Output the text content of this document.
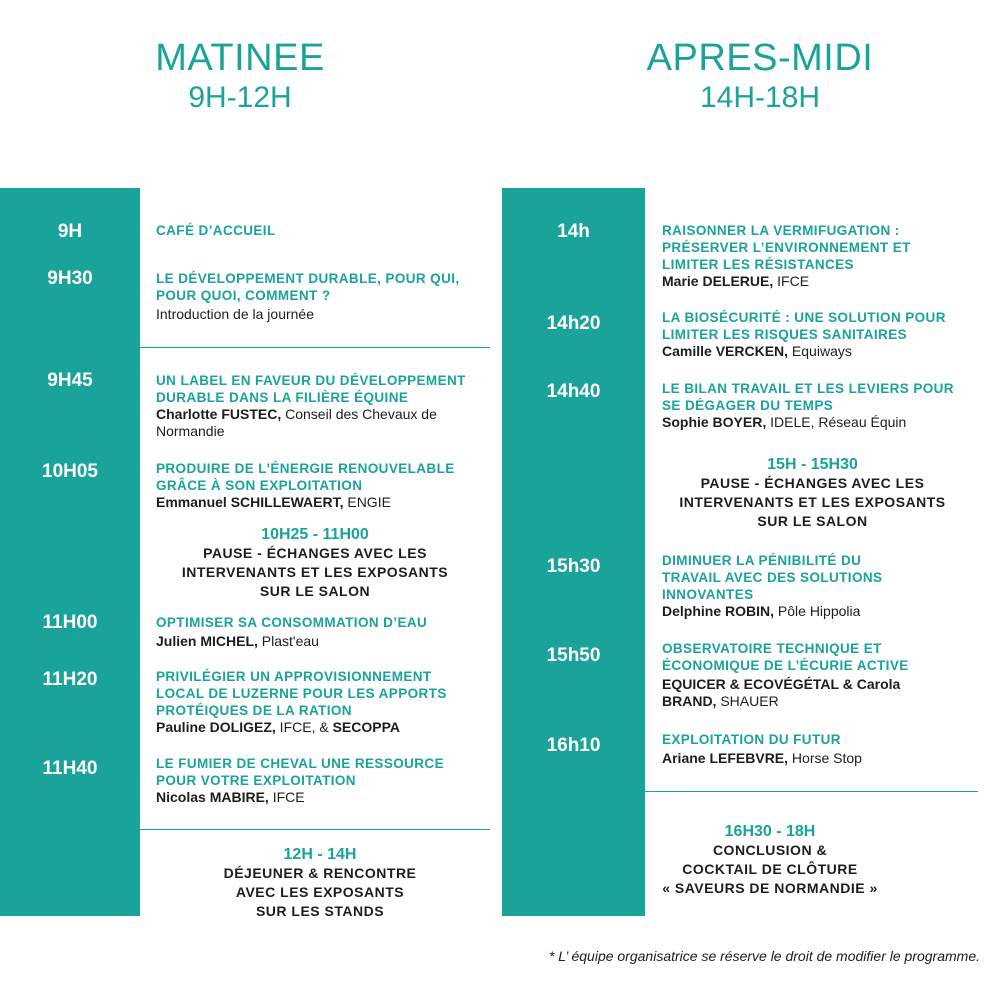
MATINEE
9H-12H
APRES-MIDI
14H-18H
9H	CAFÉ D’ACCUEIL
9H30	LE DÉVELOPPEMENT DURABLE, POUR QUI,
POUR QUOI, COMMENT ?
Introduction de la journée
9H45	UN LABEL EN FAVEUR DU DÉVELOPPEMENT
DURABLE DANS LA FILIÈRE ÉQUINE
Charlotte FUSTEC, Conseil des Chevaux de
Normandie
10H05	PRODUIRE DE L’ÉNERGIE RENOUVELABLE
GRÂCE À SON EXPLOITATION
Emmanuel SCHILLEWAERT, ENGIE
10H25 - 11H00
PAUSE - ÉCHANGES AVEC LES
INTERVENANTS ET LES EXPOSANTS
SUR LE SALON
11H00	OPTIMISER SA CONSOMMATION D’EAU
Julien MICHEL, Plast'eau
11H20	PRIVILÉGIER UN APPROVISIONNEMENT
LOCAL DE LUZERNE POUR LES APPORTS
PROTÉIQUES DE LA RATION
Pauline DOLIGEZ, IFCE, & SECOPPA
11H40	LE FUMIER DE CHEVAL UNE RESSOURCE
POUR VOTRE EXPLOITATION
Nicolas MABIRE, IFCE
12H - 14H
DÉJEUNER & RENCONTRE
AVEC LES EXPOSANTS
SUR LES STANDS
14h	RAISONNER LA VERMIFUGATION :
PRÉSERVER L’ENVIRONNEMENT ET
LIMITER LES RÉSISTANCES
Marie DELERUE, IFCE
14h20	LA BIOSÉCURITÉ : UNE SOLUTION POUR
LIMITER LES RISQUES SANITAIRES
Camille VERCKEN, Equiways
14h40	LE BILAN TRAVAIL ET LES LEVIERS POUR
SE DÉGAGER DU TEMPS
Sophie BOYER, IDELE, Réseau Équin
15H - 15H30
PAUSE - ÉCHANGES AVEC LES
INTERVENANTS ET LES EXPOSANTS
SUR LE SALON
15h30	DIMINUER LA PÉNIBILITÉ DU
TRAVAIL AVEC DES SOLUTIONS
INNOVANTES
Delphine ROBIN, Pôle Hippolia
15h50	OBSERVATOIRE TECHNIQUE ET
ÉCONOMIQUE DE L’ÉCURIE ACTIVE
EQUICER & ECOVÉGÉTAL & Carola
BRAND, SHAUER
16h10	EXPLOITATION DU FUTUR
Ariane LEFEBVRE, Horse Stop
16H30 - 18H
CONCLUSION &
COCKTAIL DE CLÔTURE
« SAVEURS DE NORMANDIE »
* L’ équipe organisatrice se réserve le droit de modifier le programme.
